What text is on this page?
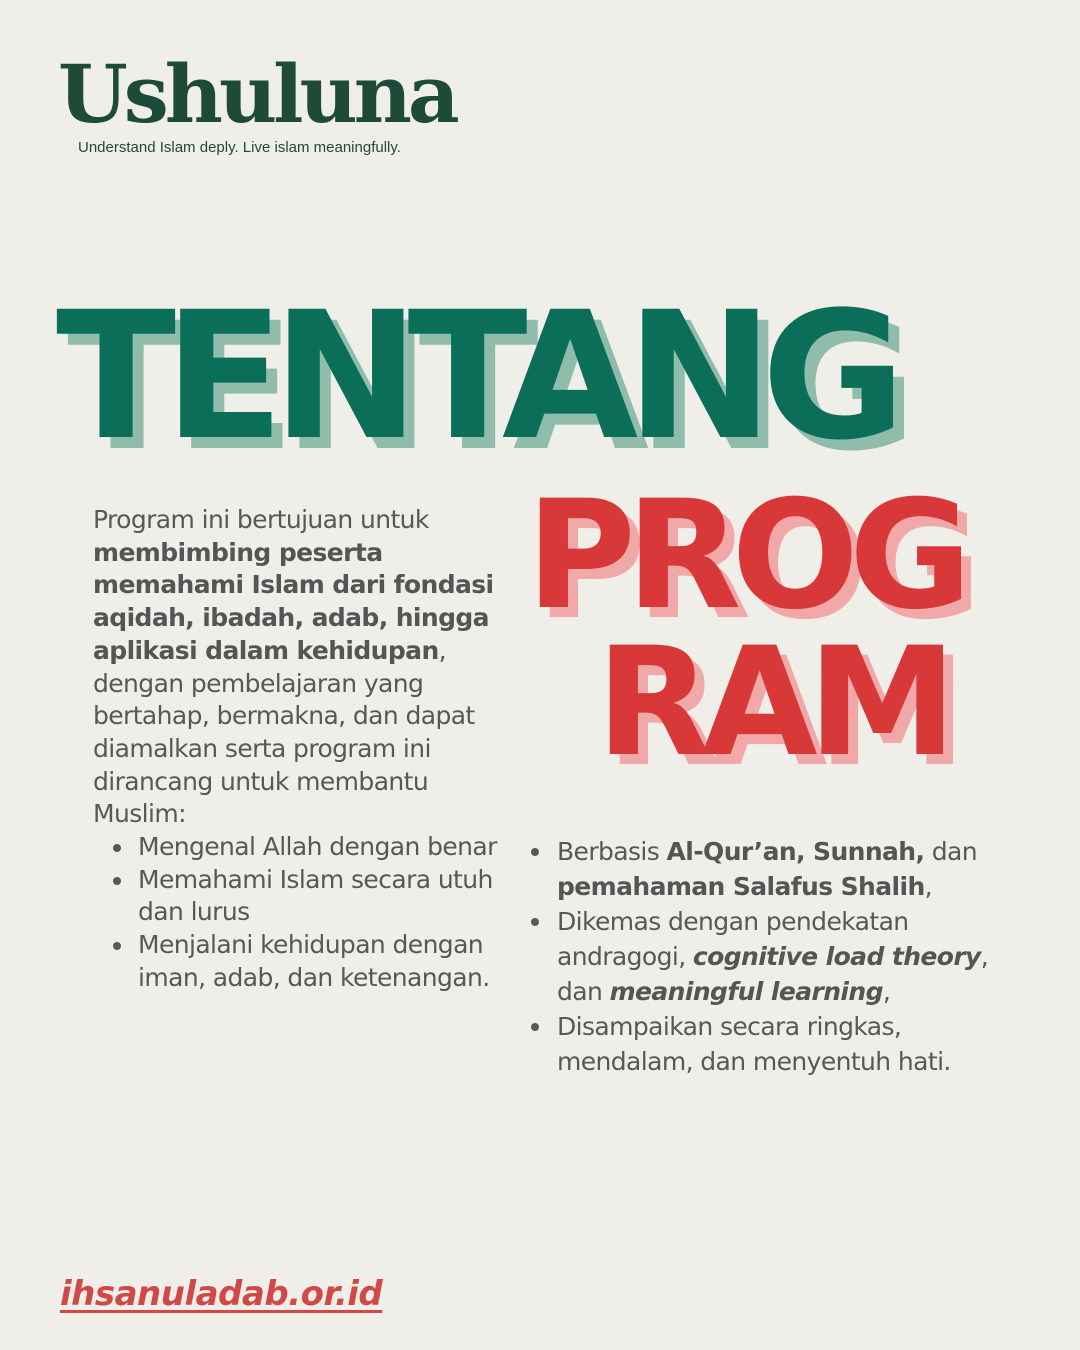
Ushuluna
Understand Islam deply. Live islam meaningfully.
TENTANG
PROG
RAM

Program ini bertujuan untuk membimbing peserta memahami Islam dari fondasi aqidah, ibadah, adab, hingga aplikasi dalam kehidupan, dengan pembelajaran yang bertahap, bermakna, dan dapat diamalkan serta program ini dirancang untuk membantu Muslim:

Mengenal Allah dengan benar
Memahami Islam secara utuh dan lurus
Menjalani kehidupan dengan iman, adab, dan ketenangan.
Berbasis Al-Qur’an, Sunnah, dan pemahaman Salafus Shalih,
Dikemas dengan pendekatan andragogi, cognitive load theory, dan meaningful learning,
Disampaikan secara ringkas, mendalam, dan menyentuh hati.
ihsanuladab.or.id
